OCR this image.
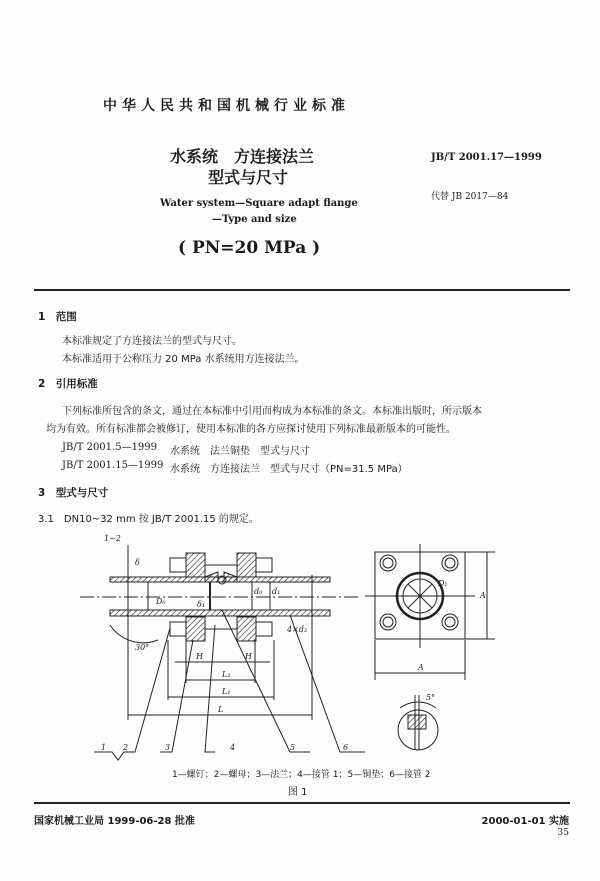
中华人民共和国机械行业标准
水系统　方连接法兰
型式与尺寸
Water system—Square adapt flange
—Type and size
( PN=20 MPa )
JB/T 2001.17—1999
代替 JB 2017—84
1　范围
本标准规定了方连接法兰的型式与尺寸。
本标准适用于公称压力 20 MPa 水系统用方连接法兰。
2　引用标准
下列标准所包含的条文，通过在本标准中引用而构成为本标准的条文。本标准出版时，所示版本
均为有效。所有标准都会被修订，使用本标准的各方应探讨使用下列标准最新版本的可能性。
JB/T 2001.5—1999 水系统　法兰铜垫　型式与尺寸
JB/T 2001.15—1999 水系统　方连接法兰　型式与尺寸（PN=31.5 MPa）
3　型式与尺寸
3.1　DN10~32 mm 按 JB/T 2001.15 的规定。
1~2
δ
D₀	δ₁
d₀ d₁
4×d₃
30°
H	H
L₂
L₁
L
D₁
A
A
5°
1 2	3	4	5	6
1—螺钉；2—螺母；3—法兰；4—接管 1；5—铜垫；6—接管 2
图 1
国家机械工业局 1999-06-28 批准	2000-01-01 实施
35
